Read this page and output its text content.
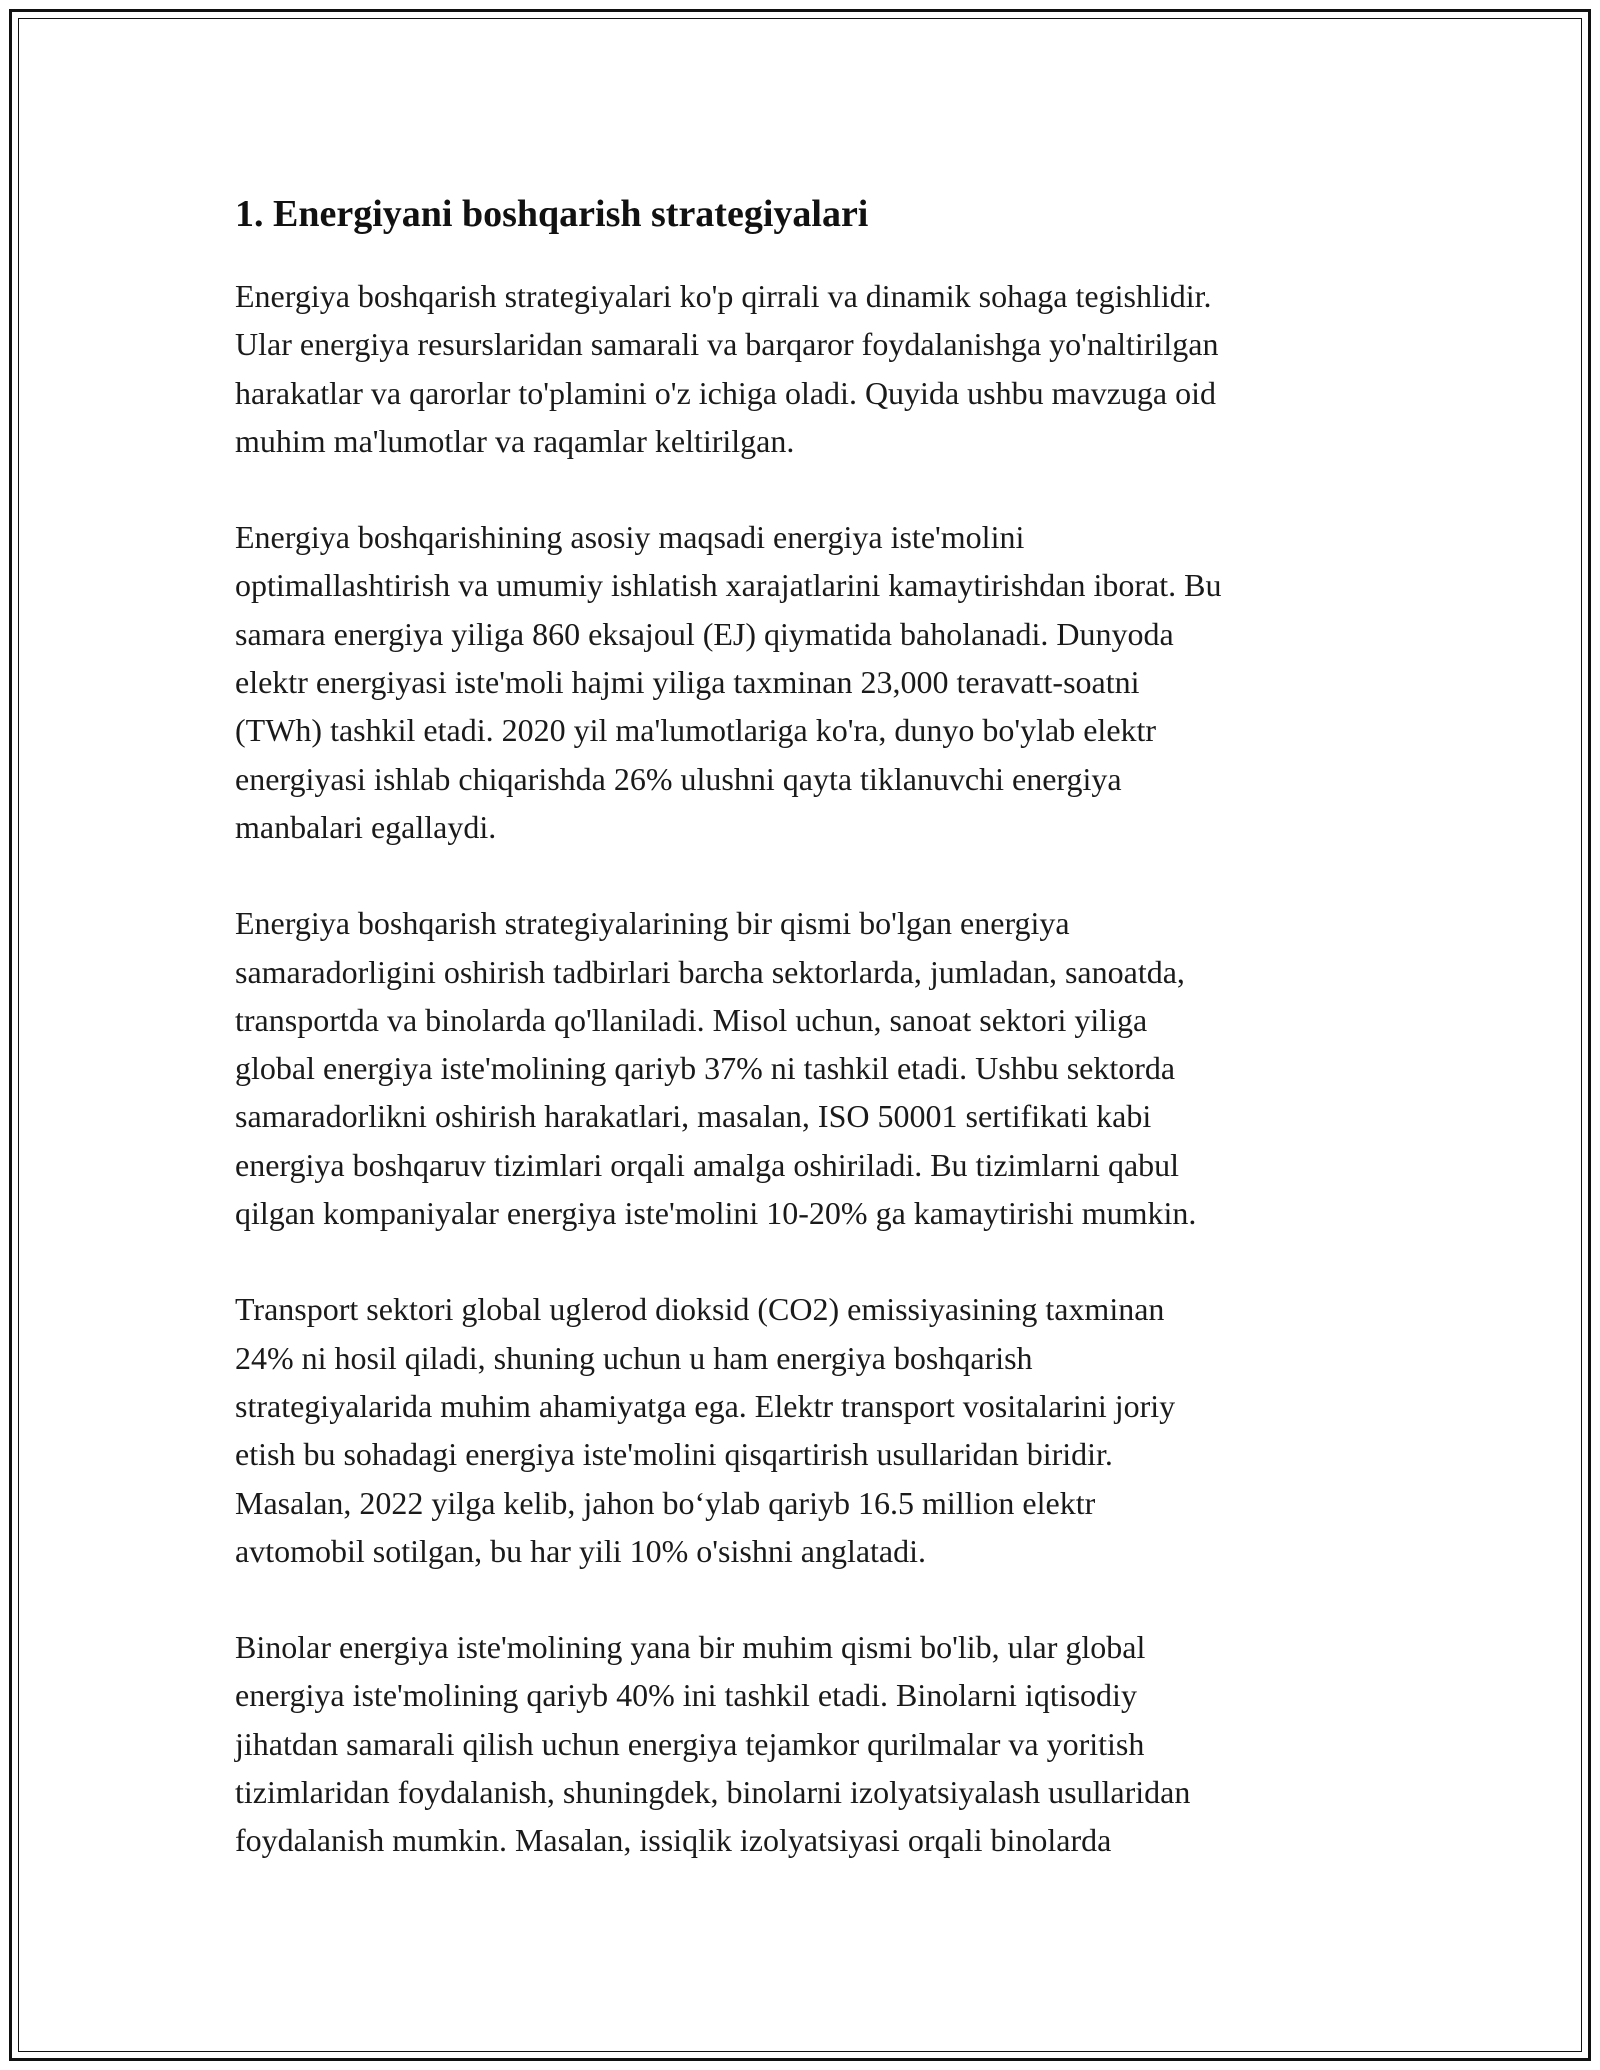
1. Energiyani boshqarish strategiyalari

Energiya boshqarish strategiyalari ko'p qirrali va dinamik sohaga tegishlidir.
Ular energiya resurslaridan samarali va barqaror foydalanishga yo'naltirilgan
harakatlar va qarorlar to'plamini o'z ichiga oladi. Quyida ushbu mavzuga oid
muhim ma'lumotlar va raqamlar keltirilgan.

Energiya boshqarishining asosiy maqsadi energiya iste'molini
optimallashtirish va umumiy ishlatish xarajatlarini kamaytirishdan iborat. Bu
samara energiya yiliga 860 eksajoul (EJ) qiymatida baholanadi. Dunyoda
elektr energiyasi iste'moli hajmi yiliga taxminan 23,000 teravatt-soatni
(TWh) tashkil etadi. 2020 yil ma'lumotlariga ko'ra, dunyo bo'ylab elektr
energiyasi ishlab chiqarishda 26% ulushni qayta tiklanuvchi energiya
manbalari egallaydi.

Energiya boshqarish strategiyalarining bir qismi bo'lgan energiya
samaradorligini oshirish tadbirlari barcha sektorlarda, jumladan, sanoatda,
transportda va binolarda qo'llaniladi. Misol uchun, sanoat sektori yiliga
global energiya iste'molining qariyb 37% ni tashkil etadi. Ushbu sektorda
samaradorlikni oshirish harakatlari, masalan, ISO 50001 sertifikati kabi
energiya boshqaruv tizimlari orqali amalga oshiriladi. Bu tizimlarni qabul
qilgan kompaniyalar energiya iste'molini 10-20% ga kamaytirishi mumkin.

Transport sektori global uglerod dioksid (CO2) emissiyasining taxminan
24% ni hosil qiladi, shuning uchun u ham energiya boshqarish
strategiyalarida muhim ahamiyatga ega. Elektr transport vositalarini joriy
etish bu sohadagi energiya iste'molini qisqartirish usullaridan biridir.
Masalan, 2022 yilga kelib, jahon bo‘ylab qariyb 16.5 million elektr
avtomobil sotilgan, bu har yili 10% o'sishni anglatadi.

Binolar energiya iste'molining yana bir muhim qismi bo'lib, ular global
energiya iste'molining qariyb 40% ini tashkil etadi. Binolarni iqtisodiy
jihatdan samarali qilish uchun energiya tejamkor qurilmalar va yoritish
tizimlaridan foydalanish, shuningdek, binolarni izolyatsiyalash usullaridan
foydalanish mumkin. Masalan, issiqlik izolyatsiyasi orqali binolarda
